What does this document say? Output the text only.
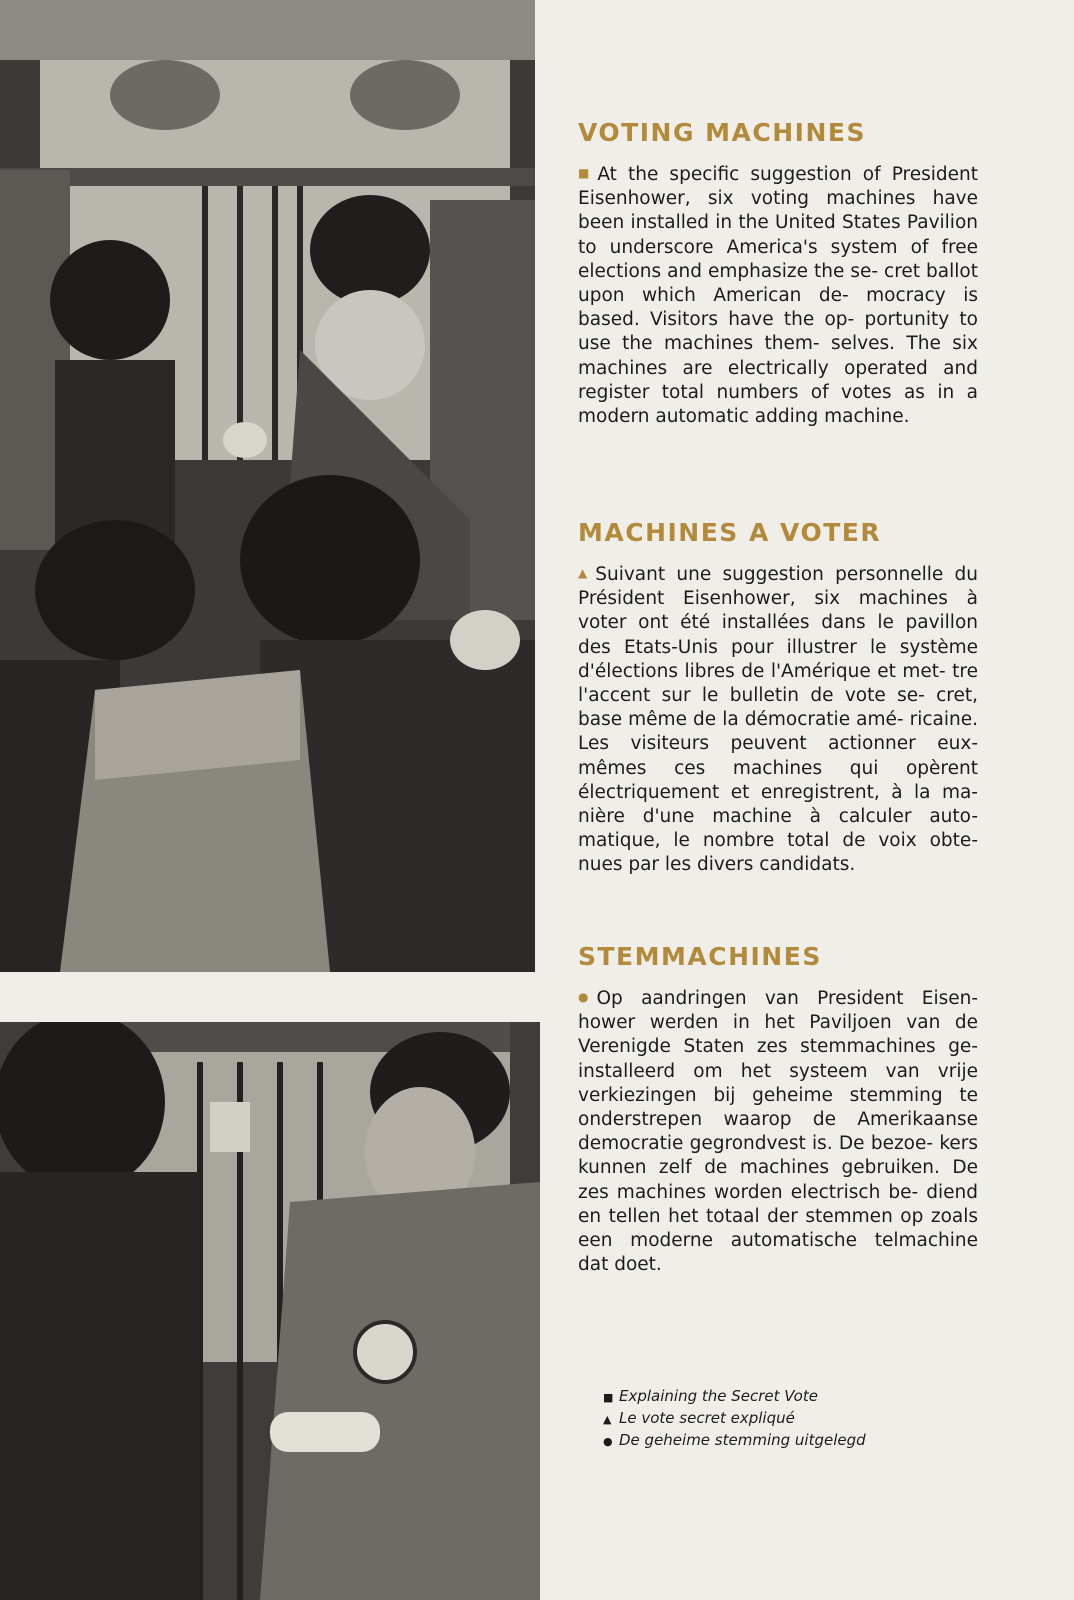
VOTING MACHINES

■ At the specific suggestion of President Eisenhower, six voting machines have been installed in the United States Pavilion to underscore America's system of free elections and emphasize the se- cret ballot upon which American de- mocracy is based. Visitors have the op- portunity to use the machines them- selves. The six machines are electrically operated and register total numbers of votes as in a modern automatic adding machine.

MACHINES A VOTER

▲ Suivant une suggestion personnelle du Président Eisenhower, six machines à voter ont été installées dans le pavillon des Etats-Unis pour illustrer le système d'élections libres de l'Amérique et met- tre l'accent sur le bulletin de vote se- cret, base même de la démocratie amé- ricaine. Les visiteurs peuvent actionner eux-mêmes ces machines qui opèrent électriquement et enregistrent, à la ma- nière d'une machine à calculer auto- matique, le nombre total de voix obte- nues par les divers candidats.

STEMMACHINES

● Op aandringen van President Eisen- hower werden in het Paviljoen van de Verenigde Staten zes stemmachines ge- installeerd om het systeem van vrije verkiezingen bij geheime stemming te onderstrepen waarop de Amerikaanse democratie gegrondvest is. De bezoe- kers kunnen zelf de machines gebruiken. De zes machines worden electrisch be- diend en tellen het totaal der stemmen op zoals een moderne automatische telmachine dat doet.

■ Explaining the Secret Vote
▲ Le vote secret expliqué
● De geheime stemming uitgelegd
